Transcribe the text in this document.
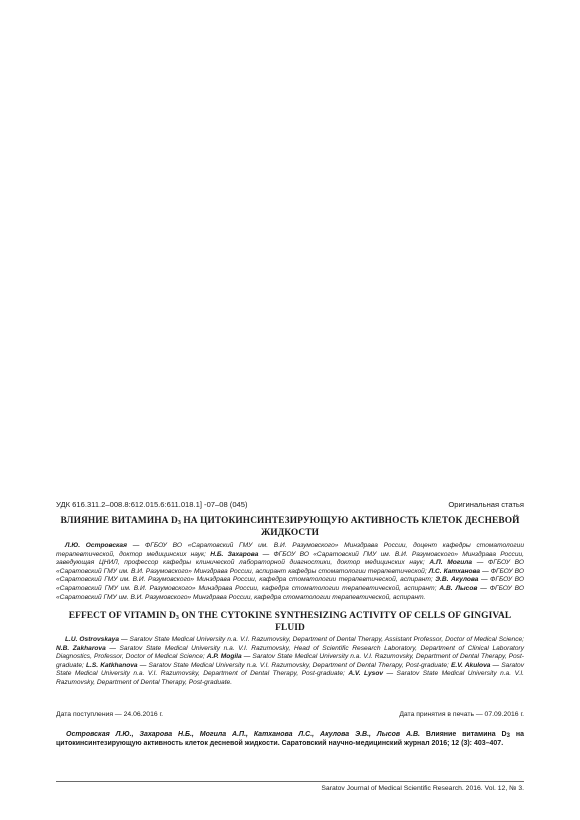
УДК 616.311.2–008.8:612.015.6:611.018.1] -07–08 (045)	Оригинальная статья
ВЛИЯНИЕ ВИТАМИНА $D_3$ НА ЦИТОКИНСИНТЕЗИРУЮЩУЮ АКТИВНОСТЬ КЛЕТОК ДЕСНЕВОЙ ЖИДКОСТИ
Л.Ю. Островская — ФГБОУ ВО «Саратовский ГМУ им. В.И. Разумовского» Минздрава России, доцент кафедры стоматологии терапевтической, доктор медицинских наук; Н.Б. Захарова — ФГБОУ ВО «Саратовский ГМУ им. В.И. Разумовского» Минздрава России, заведующая ЦНИЛ, профессор кафедры клинической лабораторной диагностики, доктор медицинских наук; А.П. Могила — ФГБОУ ВО «Саратовский ГМУ им. В.И. Разумовского» Минздрава России, аспирант кафедры стоматологии терапевтической; Л.С. Катханова — ФГБОУ ВО «Саратовский ГМУ им. В.И. Разумовского» Минздрава России, кафедра стоматологии терапевтической, аспирант; Э.В. Акулова — ФГБОУ ВО «Саратовский ГМУ им. В.И. Разумовского» Минздрава России, кафедра стоматологии терапевтической, аспирант; А.В. Лысов — ФГБОУ ВО «Саратовский ГМУ им. В.И. Разумовского» Минздрава России, кафедра стоматологии терапевтической, аспирант.
EFFECT OF VITAMIN $D_3$ ON THE CYTOKINE SYNTHESIZING ACTIVITY OF CELLS OF GINGIVAL FLUID
L.U. Ostrovskaya — Saratov State Medical University n.a. V.I. Razumovsky, Department of Dental Therapy, Assistant Professor, Doctor of Medical Science; N.B. Zakharova — Saratov State Medical University n.a. V.I. Razumovsky, Head of Scientific Research Laboratory, Department of Clinical Laboratory Diagnostics, Professor, Doctor of Medical Science; A.P. Mogila — Saratov State Medical University n.a. V.I. Razumovsky, Department of Dental Therapy, Post-graduate; L.S. Katkhanova — Saratov State Medical University n.a. V.I. Razumovsky, Department of Dental Therapy, Post-graduate; E.V. Akulova — Saratov State Medical University n.a. V.I. Razumovsky, Department of Dental Therapy, Post-graduate; A.V. Lysov — Saratov State Medical University n.a. V.I. Razumovsky, Department of Dental Therapy, Post-graduate.
Дата поступления — 24.06.2016 г.	Дата принятия в печать — 07.09.2016 г.
Островская Л.Ю., Захарова Н.Б., Могила А.П., Катханова Л.С., Акулова Э.В., Лысов А.В. Влияние витамина $D_3$ на цитокинсинтезирующую активность клеток десневой жидкости. Саратовский научно-медицинский журнал 2016; 12 (3): 403–407.
Saratov Journal of Medical Scientific Research. 2016. Vol. 12, № 3.
